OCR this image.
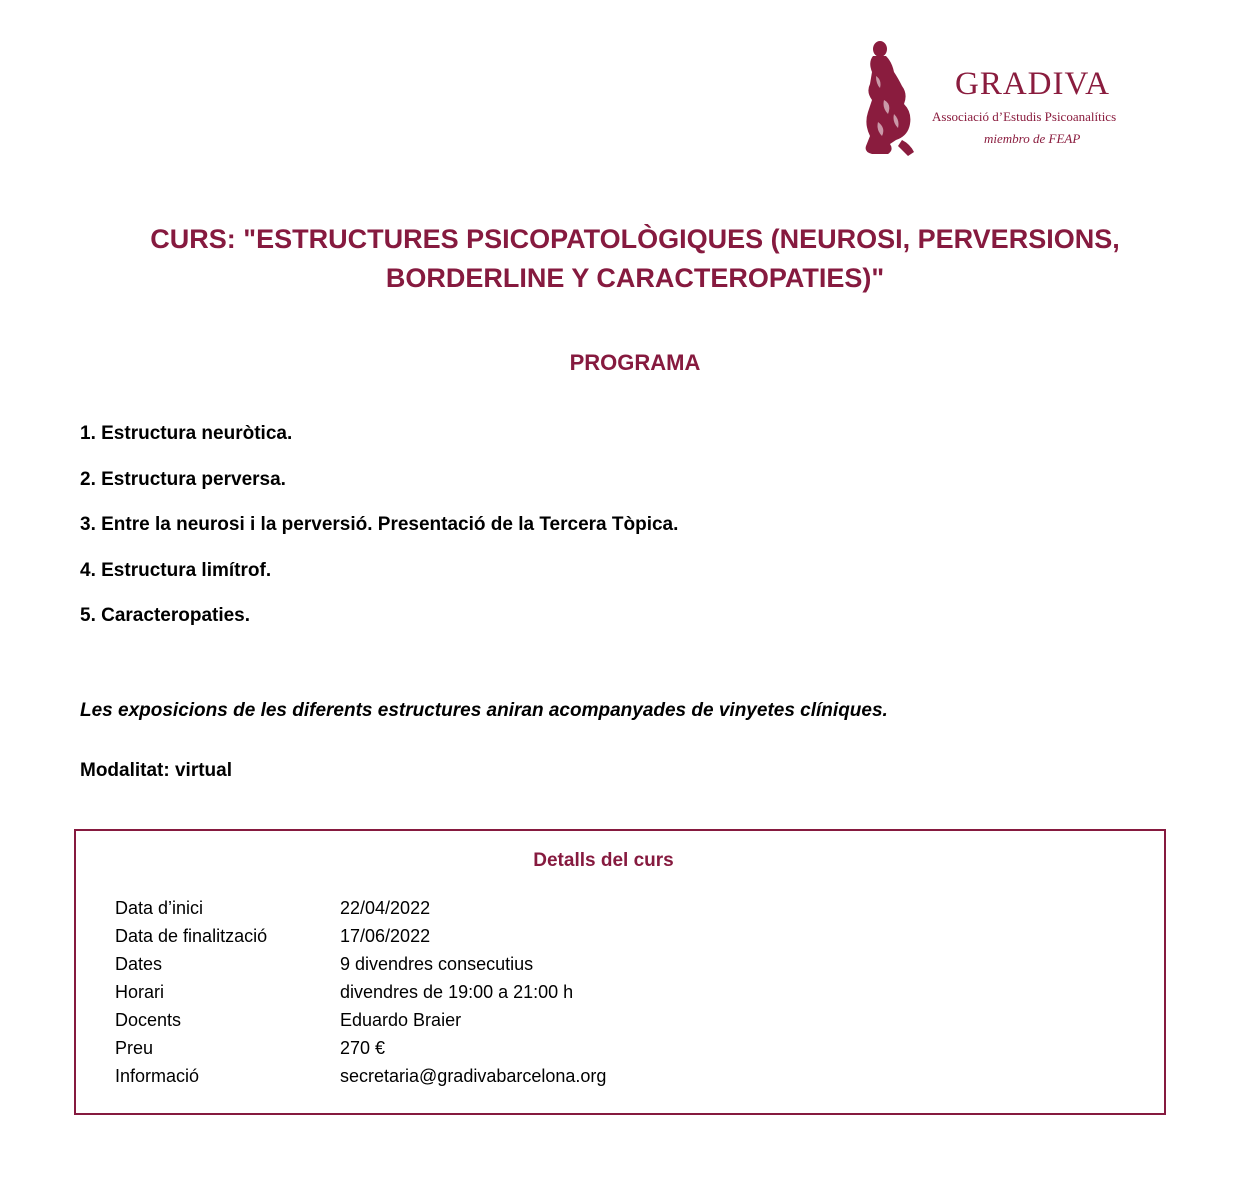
GRADIVA
Associació d’Estudis Psicoanalítics
miembro de FEAP
CURS: "ESTRUCTURES PSICOPATOLÒGIQUES (NEUROSI, PERVERSIONS,
BORDERLINE Y CARACTEROPATIES)"
PROGRAMA
1. Estructura neuròtica.
2. Estructura perversa.
3. Entre la neurosi i la perversió. Presentació de la Tercera Tòpica.
4. Estructura limítrof.
5. Caracteropaties.

Les exposicions de les diferents estructures aniran acompanyades de vinyetes clíniques.

Modalitat: virtual

Detalls del curs
Data d’inici	22/04/2022
Data de finalització	17/06/2022
Dates	9 divendres consecutius
Horari	divendres de 19:00 a 21:00 h
Docents	Eduardo Braier
Preu	270 €
Informació	secretaria@gradivabarcelona.org
